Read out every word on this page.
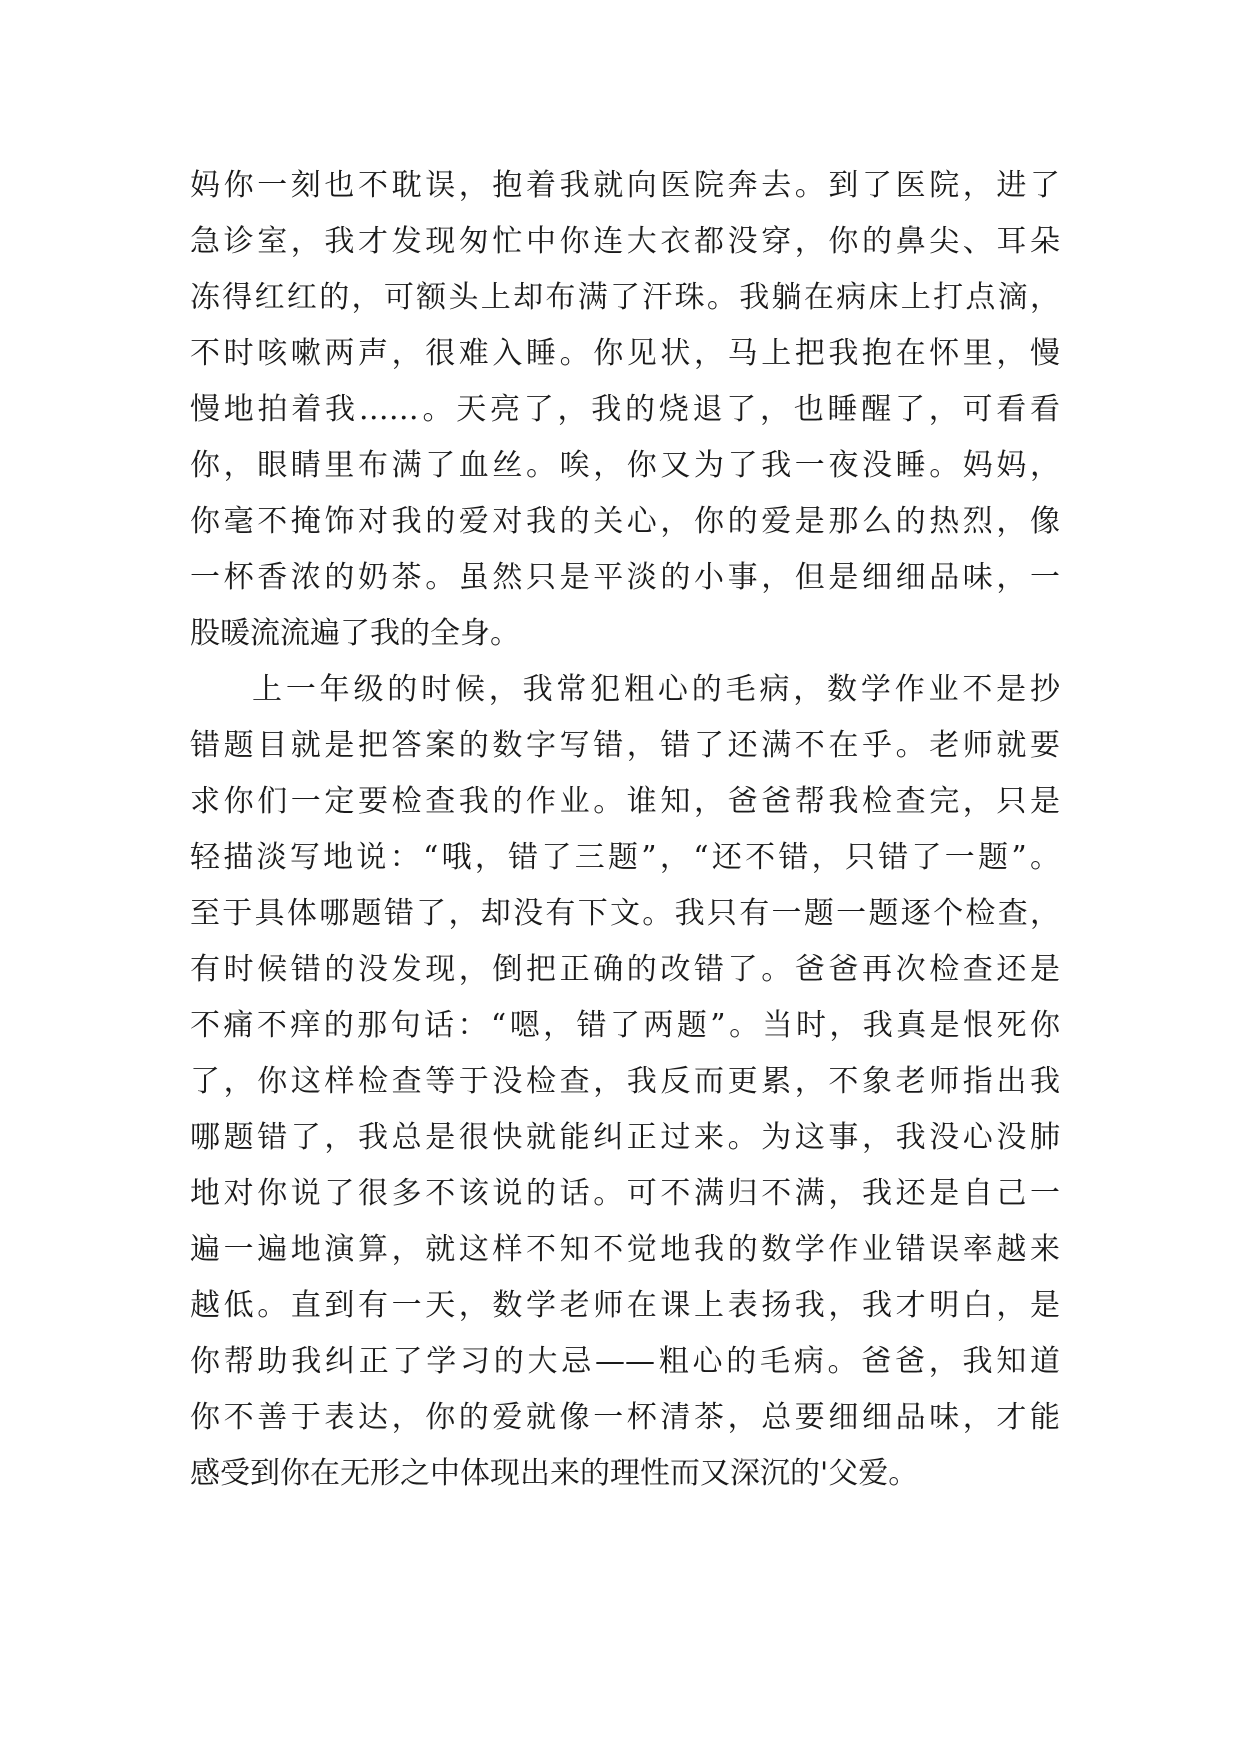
妈你一刻也不耽误，抱着我就向医院奔去。到了医院，进了
急诊室，我才发现匆忙中你连大衣都没穿，你的鼻尖、耳朵
冻得红红的，可额头上却布满了汗珠。我躺在病床上打点滴，
不时咳嗽两声，很难入睡。你见状，马上把我抱在怀里，慢
慢地拍着我……。天亮了，我的烧退了，也睡醒了，可看看
你，眼睛里布满了血丝。唉，你又为了我一夜没睡。妈妈，
你毫不掩饰对我的爱对我的关心，你的爱是那么的热烈，像
一杯香浓的奶茶。虽然只是平淡的小事，但是细细品味，一
股暖流流遍了我的全身。
上一年级的时候，我常犯粗心的毛病，数学作业不是抄
错题目就是把答案的数字写错，错了还满不在乎。老师就要
求你们一定要检查我的作业。谁知，爸爸帮我检查完，只是
轻描淡写地说：“哦，错了三题”，“还不错，只错了一题”。
至于具体哪题错了，却没有下文。我只有一题一题逐个检查，
有时候错的没发现，倒把正确的改错了。爸爸再次检查还是
不痛不痒的那句话：“嗯，错了两题”。当时，我真是恨死你
了，你这样检查等于没检查，我反而更累，不象老师指出我
哪题错了，我总是很快就能纠正过来。为这事，我没心没肺
地对你说了很多不该说的话。可不满归不满，我还是自己一
遍一遍地演算，就这样不知不觉地我的数学作业错误率越来
越低。直到有一天，数学老师在课上表扬我，我才明白，是
你帮助我纠正了学习的大忌——粗心的毛病。爸爸，我知道
你不善于表达，你的爱就像一杯清茶，总要细细品味，才能
感受到你在无形之中体现出来的理性而又深沉的'父爱。
